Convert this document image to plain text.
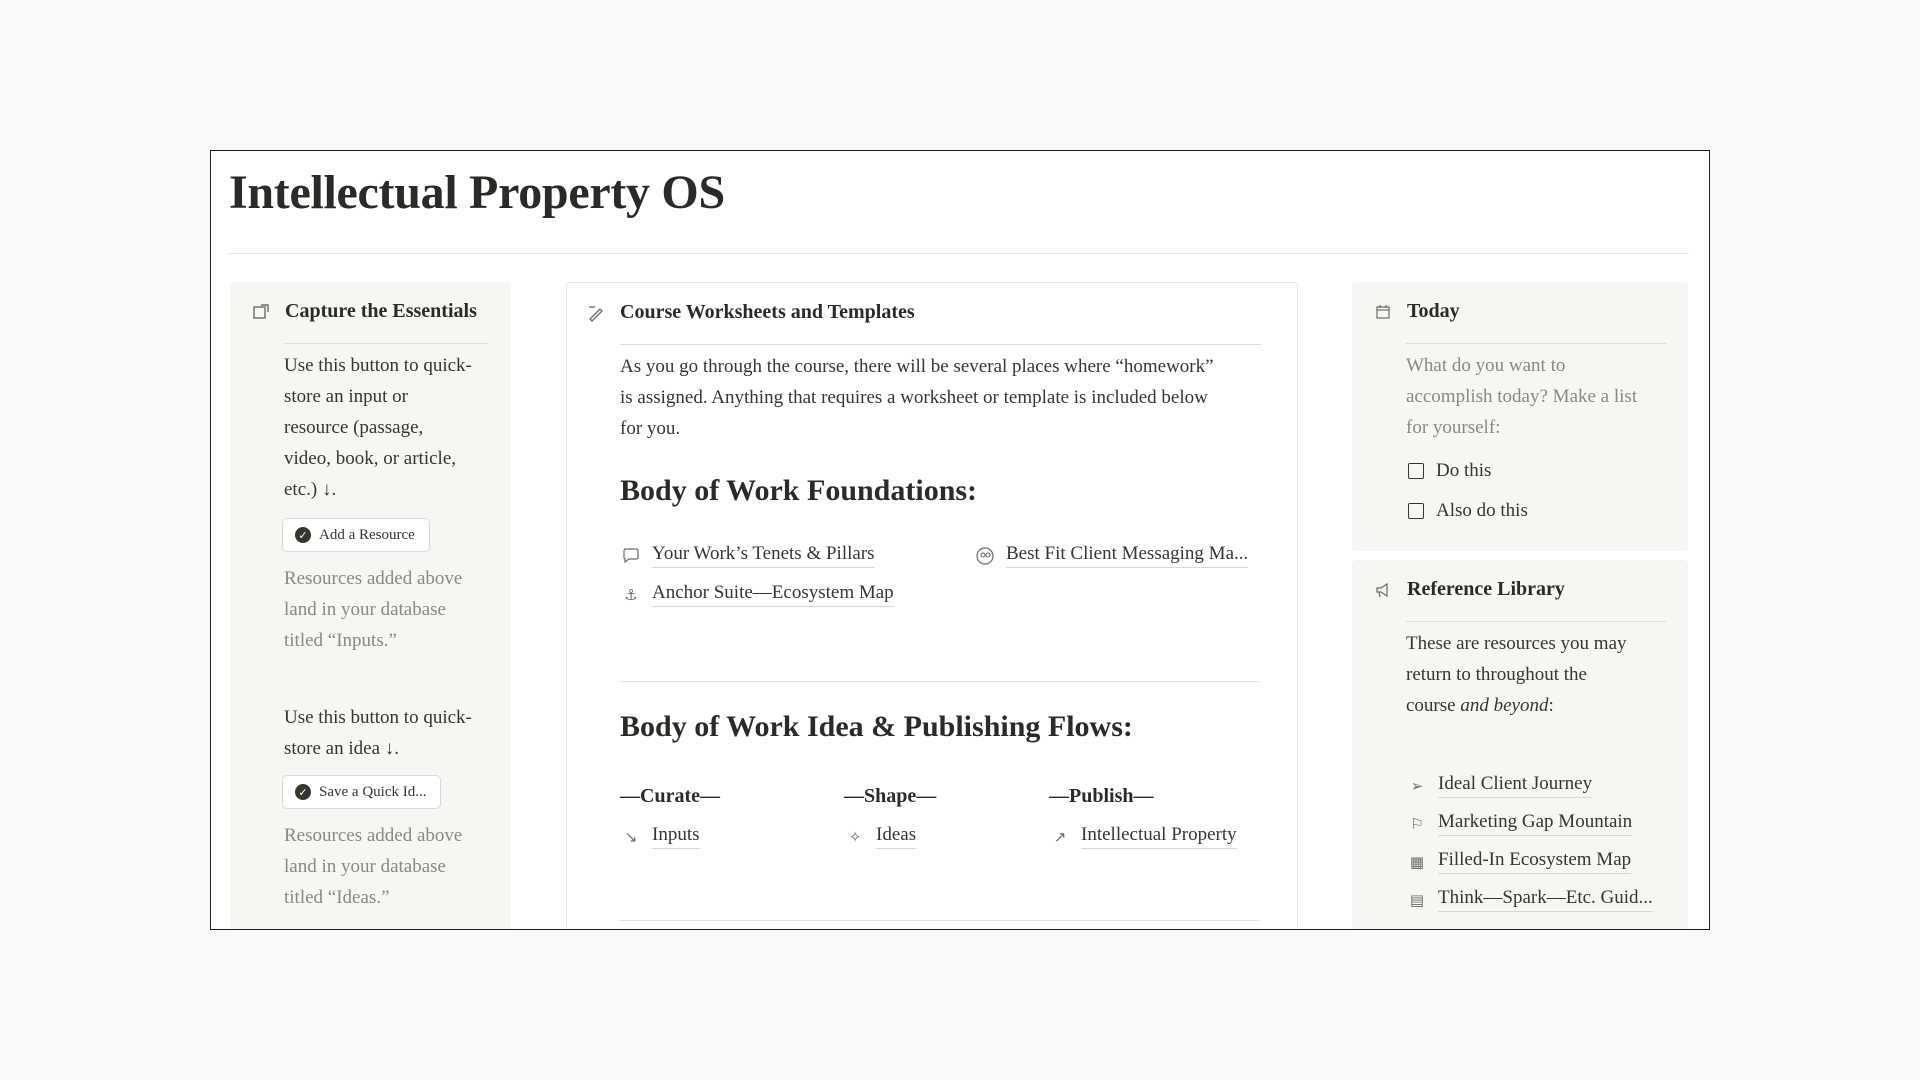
Intellectual Property OS
Capture the Essentials
Use this button to quick-
store an input or
resource (passage,
video, book, or article,
etc.) ↓.
✓ Add a Resource
Resources added above
land in your database
titled “Inputs.”
Use this button to quick-
store an idea ↓.
✓ Save a Quick Id...
Resources added above
land in your database
titled “Ideas.”
Course Worksheets and Templates
As you go through the course, there will be several places where “homework”
is assigned. Anything that requires a worksheet or template is included below
for you.
Body of Work Foundations:
Your Work’s Tenets & Pillars	Best Fit Client Messaging Ma...
⚓ Anchor Suite—Ecosystem Map
Body of Work Idea & Publishing Flows:
—Curate—	—Shape—	—Publish—
↘ Inputs	✧ Ideas	↗ Intellectual Property
Today
What do you want to
accomplish today? Make a list
for yourself:
Do this
Also do this
Reference Library
These are resources you may
return to throughout the
course and beyond:
➢ Ideal Client Journey
⚐ Marketing Gap Mountain
▦ Filled-In Ecosystem Map
▤ Think—Spark—Etc. Guid...
